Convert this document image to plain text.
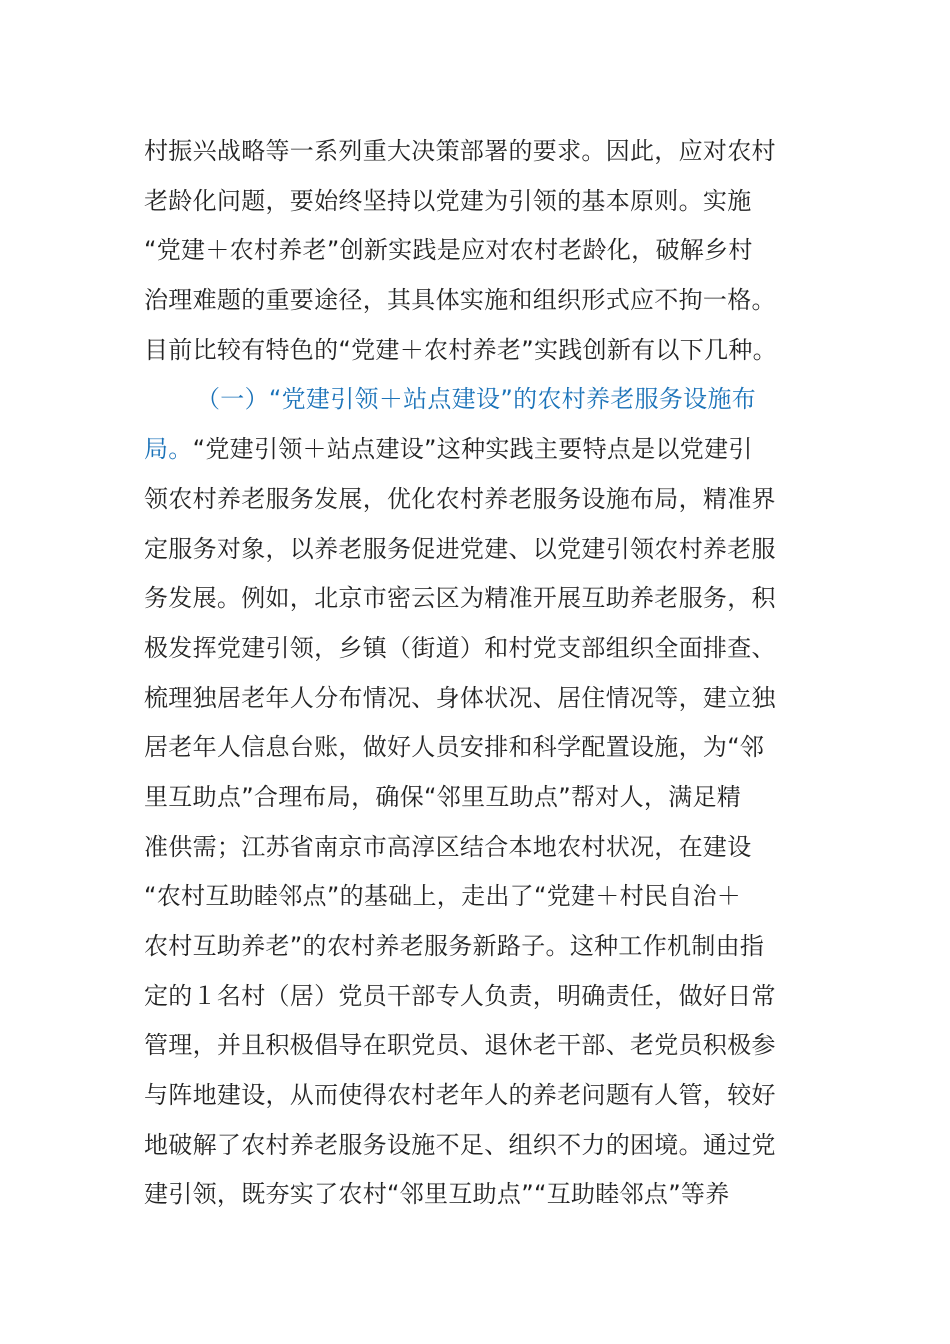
村振兴战略等一系列重大决策部署的要求。因此，应对农村
老龄化问题，要始终坚持以党建为引领的基本原则。实施
“党建＋农村养老”创新实践是应对农村老龄化，破解乡村
治理难题的重要途径，其具体实施和组织形式应不拘一格。
目前比较有特色的“党建＋农村养老”实践创新有以下几种。
（一）“党建引领＋站点建设”的农村养老服务设施布
局。“党建引领＋站点建设”这种实践主要特点是以党建引
领农村养老服务发展，优化农村养老服务设施布局，精准界
定服务对象，以养老服务促进党建、以党建引领农村养老服
务发展。例如，北京市密云区为精准开展互助养老服务，积
极发挥党建引领，乡镇（街道）和村党支部组织全面排查、
梳理独居老年人分布情况、身体状况、居住情况等，建立独
居老年人信息台账，做好人员安排和科学配置设施，为“邻
里互助点”合理布局，确保“邻里互助点”帮对人，满足精
准供需；江苏省南京市高淳区结合本地农村状况，在建设
“农村互助睦邻点”的基础上，走出了“党建＋村民自治＋
农村互助养老”的农村养老服务新路子。这种工作机制由指
定的１名村（居）党员干部专人负责，明确责任，做好日常
管理，并且积极倡导在职党员、退休老干部、老党员积极参
与阵地建设，从而使得农村老年人的养老问题有人管，较好
地破解了农村养老服务设施不足、组织不力的困境。通过党
建引领，既夯实了农村“邻里互助点”“互助睦邻点”等养
